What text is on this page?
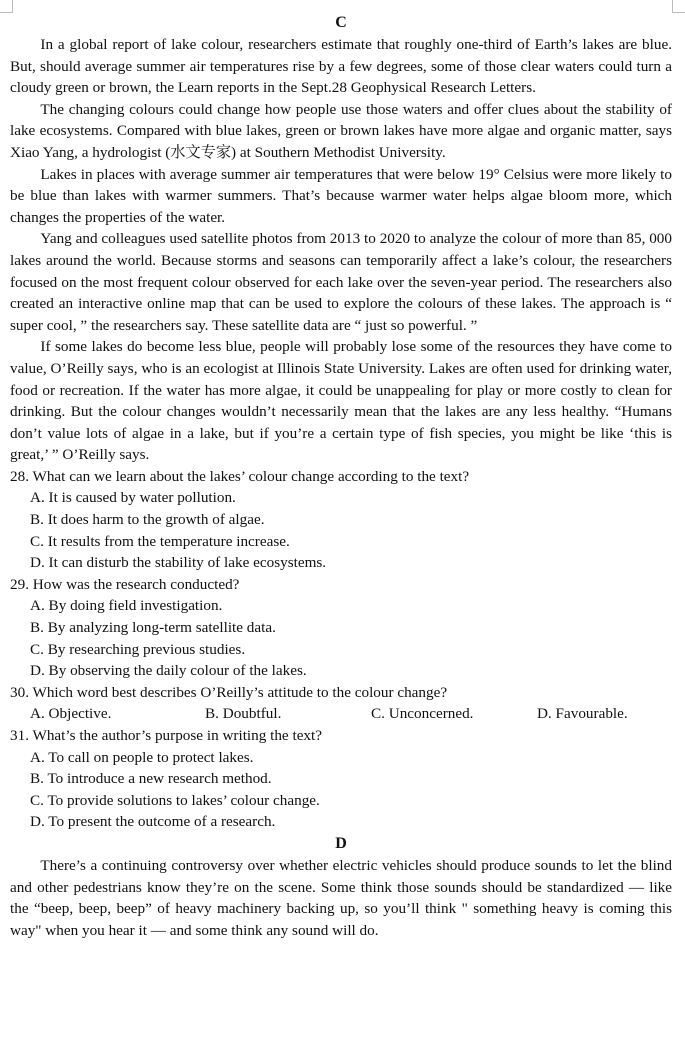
C

In a global report of lake colour, researchers estimate that roughly one-third of Earth’s lakes are blue. But, should average summer air temperatures rise by a few degrees, some of those clear waters could turn a cloudy green or brown, the Learn reports in the Sept.28 Geophysical Research Letters.

The changing colours could change how people use those waters and offer clues about the stability of lake ecosystems. Compared with blue lakes, green or brown lakes have more algae and organic matter, says Xiao Yang, a hydrologist (水文专家) at Southern Methodist University.

Lakes in places with average summer air temperatures that were below 19° Celsius were more likely to be blue than lakes with warmer summers. That’s because warmer water helps algae bloom more, which changes the properties of the water.

Yang and colleagues used satellite photos from 2013 to 2020 to analyze the colour of more than 85, 000 lakes around the world. Because storms and seasons can temporarily affect a lake’s colour, the researchers focused on the most frequent colour observed for each lake over the seven-year period. The researchers also created an interactive online map that can be used to explore the colours of these lakes. The approach is “ super cool, ” the researchers say. These satellite data are “ just so powerful. ”

If some lakes do become less blue, people will probably lose some of the resources they have come to value, O’Reilly says, who is an ecologist at Illinois State University. Lakes are often used for drinking water, food or recreation. If the water has more algae, it could be unappealing for play or more costly to clean for drinking. But the colour changes wouldn’t necessarily mean that the lakes are any less healthy. “Humans don’t value lots of algae in a lake, but if you’re a certain type of fish species, you might be like ‘this is great,’ ” O’Reilly says.

28. What can we learn about the lakes’ colour change according to the text?

A. It is caused by water pollution.

B. It does harm to the growth of algae.

C. It results from the temperature increase.

D. It can disturb the stability of lake ecosystems.

29. How was the research conducted?

A. By doing field investigation.

B. By analyzing long-term satellite data.

C. By researching previous studies.

D. By observing the daily colour of the lakes.

30. Which word best describes O’Reilly’s attitude to the colour change?

A. Objective.	B. Doubtful.	C. Unconcerned.	D. Favourable.

31. What’s the author’s purpose in writing the text?

A. To call on people to protect lakes.

B. To introduce a new research method.

C. To provide solutions to lakes’ colour change.

D. To present the outcome of a research.

D

There’s a continuing controversy over whether electric vehicles should produce sounds to let the blind and other pedestrians know they’re on the scene. Some think those sounds should be standardized — like the “beep, beep, beep” of heavy machinery backing up, so you’ll think " something heavy is coming this way" when you hear it — and some think any sound will do.
